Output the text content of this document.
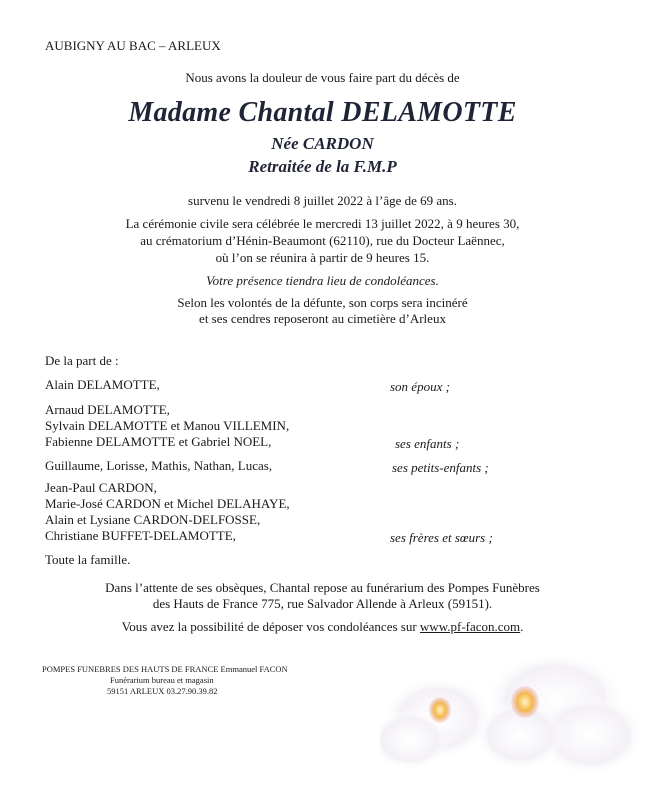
AUBIGNY AU BAC – ARLEUX
Nous avons la douleur de vous faire part du décès de
Madame Chantal DELAMOTTE
Née CARDON
Retraitée de la F.M.P
survenu le vendredi 8 juillet 2022 à l’âge de 69 ans.
La cérémonie civile sera célébrée le mercredi 13 juillet 2022, à 9 heures 30,
au crématorium d’Hénin-Beaumont (62110), rue du Docteur Laënnec,
où l’on se réunira à partir de 9 heures 15.
Votre présence tiendra lieu de condoléances.
Selon les volontés de la défunte, son corps sera incinéré
et ses cendres reposeront au cimetière d’Arleux
De la part de :
Alain DELAMOTTE,	son époux ;
Arnaud DELAMOTTE,
Sylvain DELAMOTTE et Manou VILLEMIN,
Fabienne DELAMOTTE et Gabriel NOEL,	ses enfants ;
Guillaume, Lorisse, Mathis, Nathan, Lucas,	ses petits-enfants ;
Jean-Paul CARDON,
Marie-José CARDON et Michel DELAHAYE,
Alain et Lysiane CARDON-DELFOSSE,
Christiane BUFFET-DELAMOTTE,	ses frères et sœurs ;
Toute la famille.
Dans l’attente de ses obsèques, Chantal repose au funérarium des Pompes Funèbres
des Hauts de France 775, rue Salvador Allende à Arleux (59151).
Vous avez la possibilité de déposer vos condoléances sur www.pf-facon.com.
POMPES FUNEBRES DES HAUTS DE FRANCE Emmanuel FACON
Funérarium bureau et magasin
59151 ARLEUX 03.27.90.39.82
